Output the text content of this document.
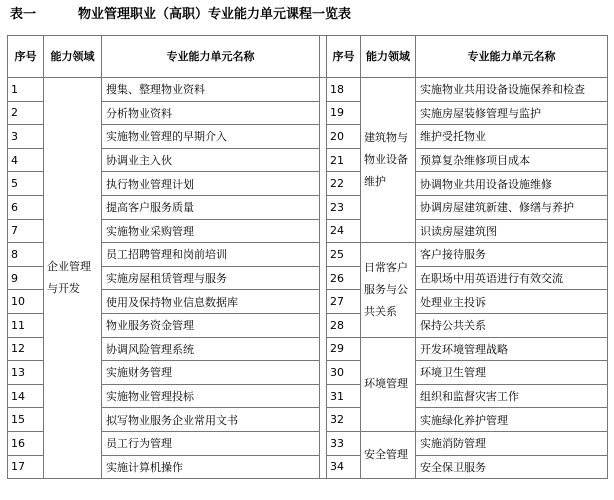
表一	物业管理职业（高职）专业能力单元课程一览表
序号	能力领域	专业能力单元名称		序号	能力领域	专业能力单元名称
1	企业管理与开发	搜集、整理物业资料		18	建筑物与物业设备维护	实施物业共用设备设施保养和检查
2		分析物业资料		19		实施房屋装修管理与监护
3		实施物业管理的早期介入		20		维护受托物业
4		协调业主入伙		21		预算复杂维修项目成本
5		执行物业管理计划		22		协调物业共用设备设施维修
6		提高客户服务质量		23		协调房屋建筑新建、修缮与养护
7		实施物业采购管理		24		识读房屋建筑图
8		员工招聘管理和岗前培训		25	日常客户服务与公共关系	客户接待服务
9		实施房屋租赁管理与服务		26		在职场中用英语进行有效交流
10		使用及保持物业信息数据库		27		处理业主投诉
11		物业服务资金管理		28		保持公共关系
12		协调风险管理系统		29	环境管理	开发环境管理战略
13		实施财务管理		30		环境卫生管理
14		实施物业管理投标		31		组织和监督灾害工作
15		拟写物业服务企业常用文书		32		实施绿化养护管理
16		员工行为管理		33	安全管理	实施消防管理
17		实施计算机操作		34		安全保卫服务
